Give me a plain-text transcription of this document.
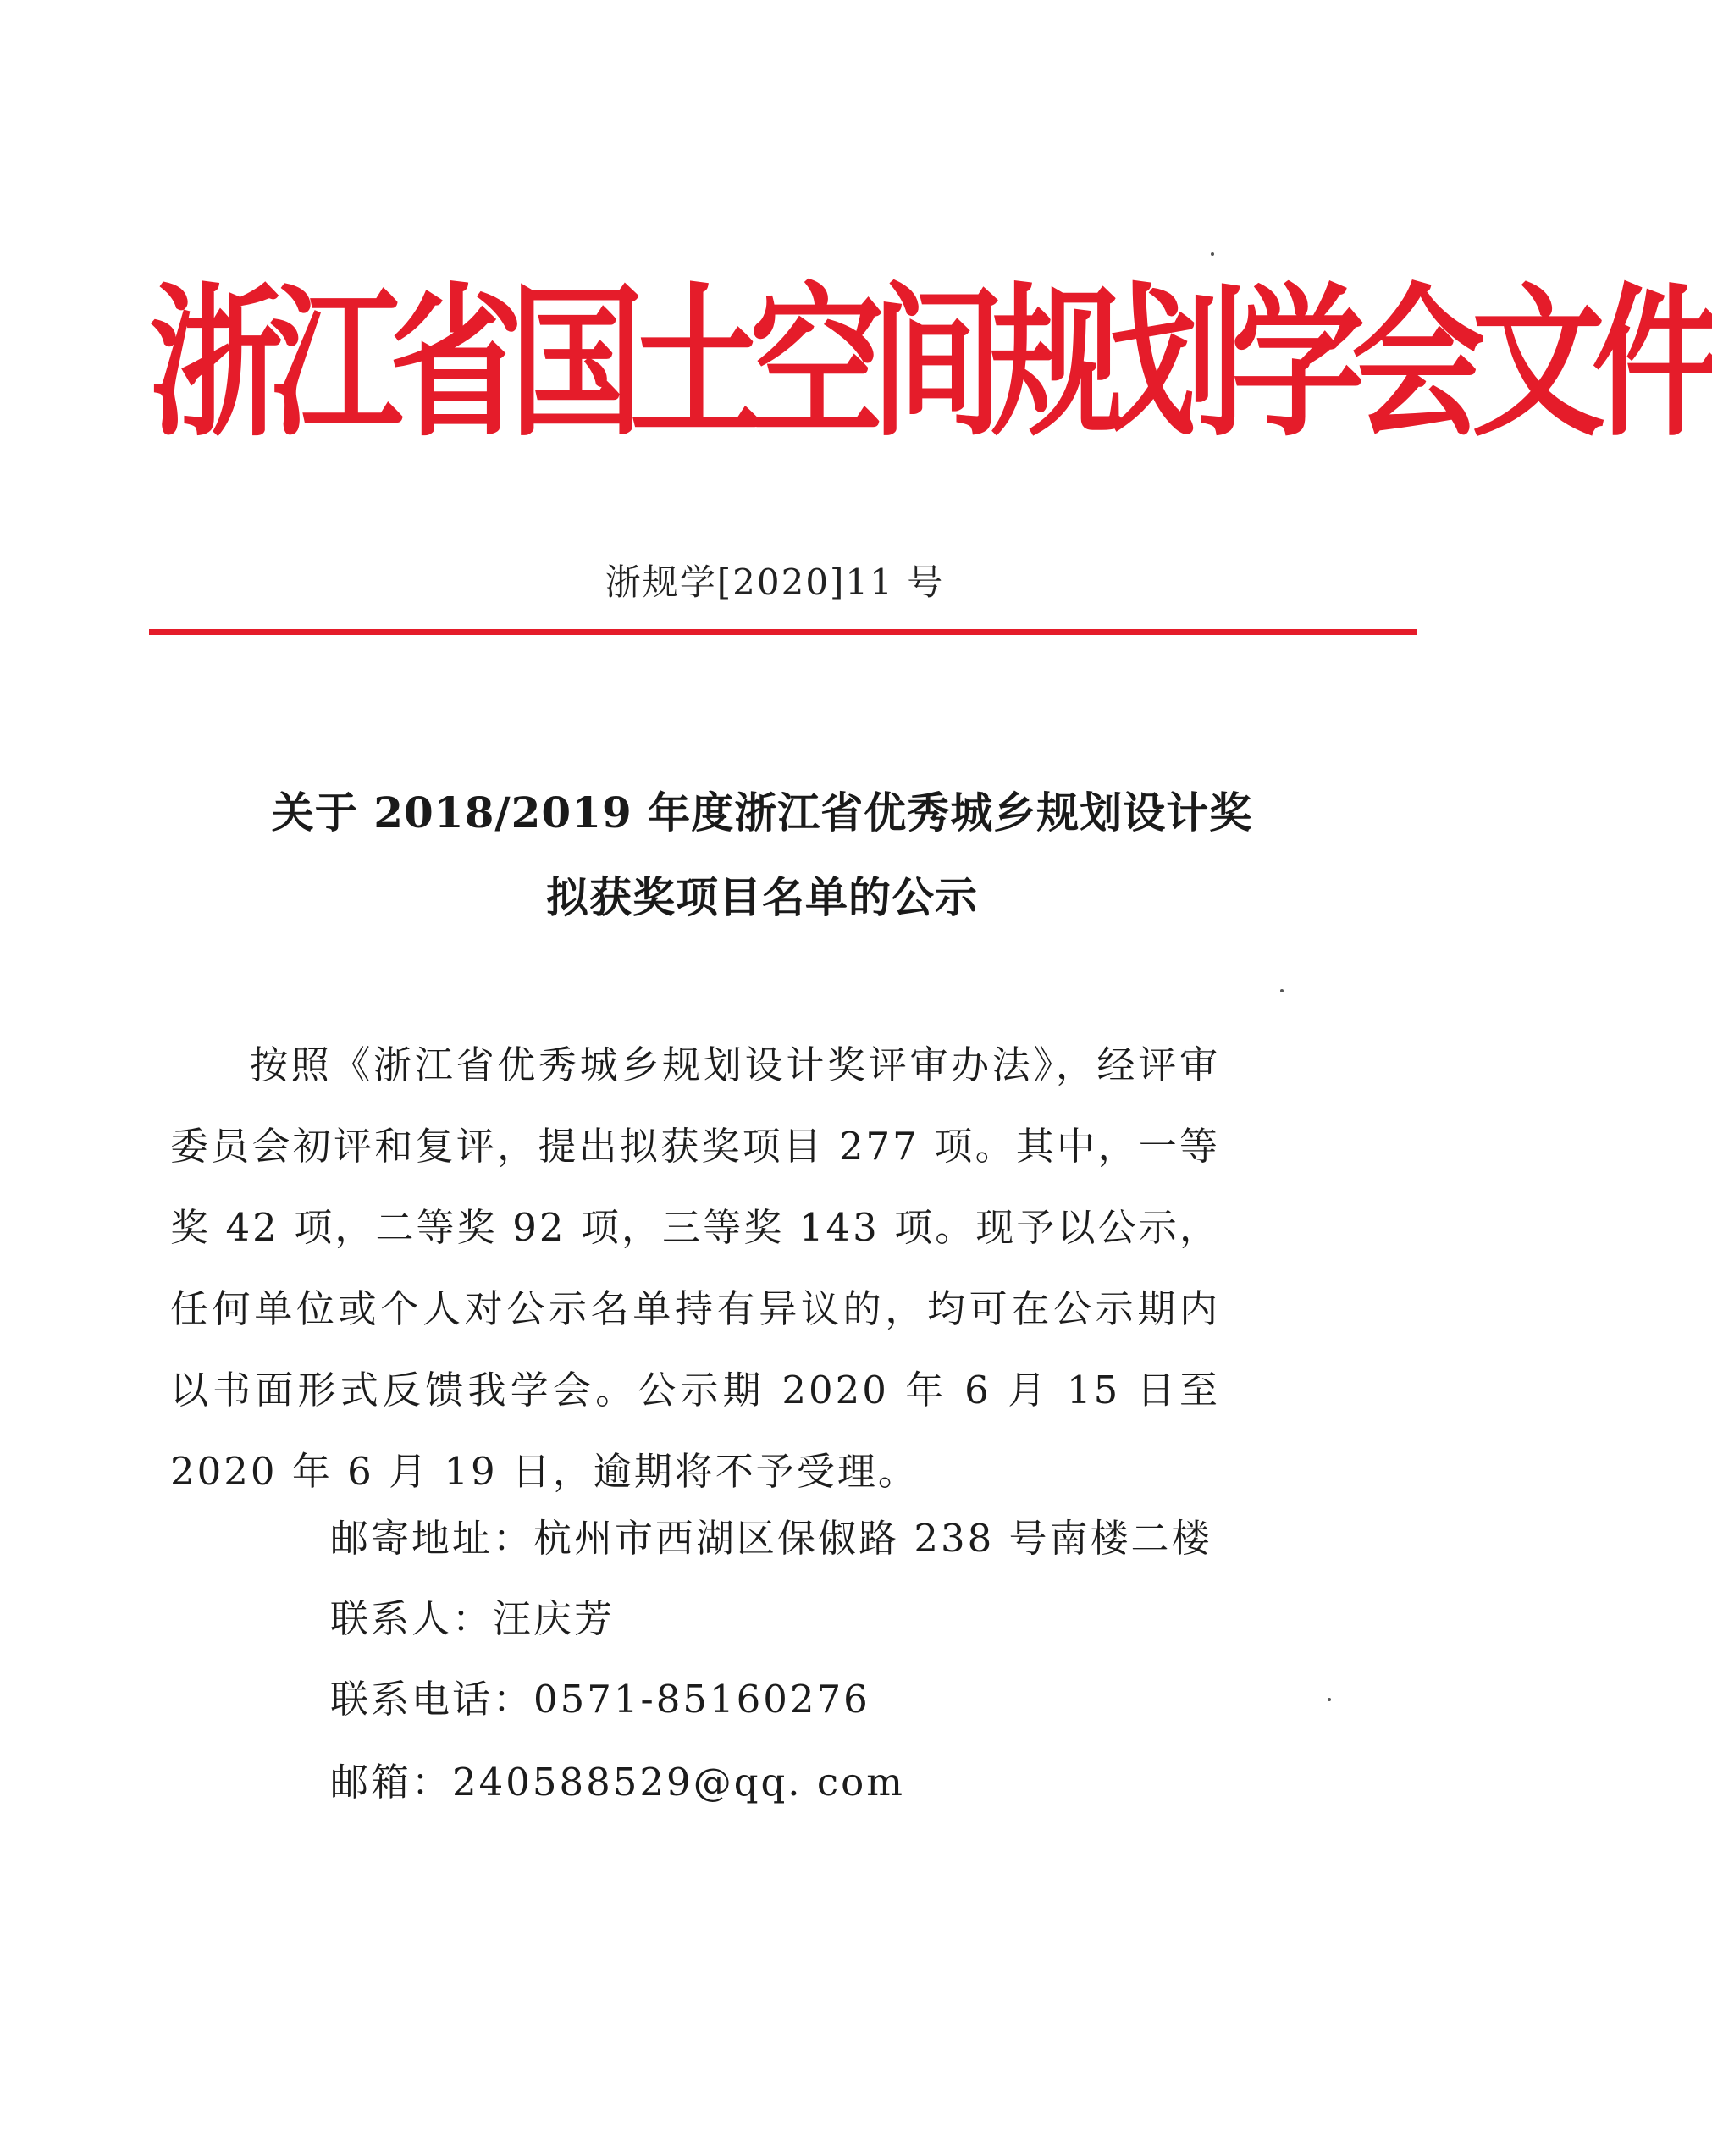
浙江省国土空间规划学会文件
浙规学[2020]11 号
关于 2018/2019 年度浙江省优秀城乡规划设计奖
拟获奖项目名单的公示
按照《浙江省优秀城乡规划设计奖评审办法》，经评审委员会初评和复评，提出拟获奖项目 277 项。其中，一等奖 42 项，二等奖 92 项，三等奖 143 项。现予以公示，任何单位或个人对公示名单持有异议的，均可在公示期内以书面形式反馈我学会。公示期 2020 年 6 月 15 日至 2020 年 6 月 19 日，逾期将不予受理。
邮寄地址：杭州市西湖区保俶路 238 号南楼二楼
联系人：汪庆芳
联系电话：0571-85160276
邮箱：240588529@qq. com
